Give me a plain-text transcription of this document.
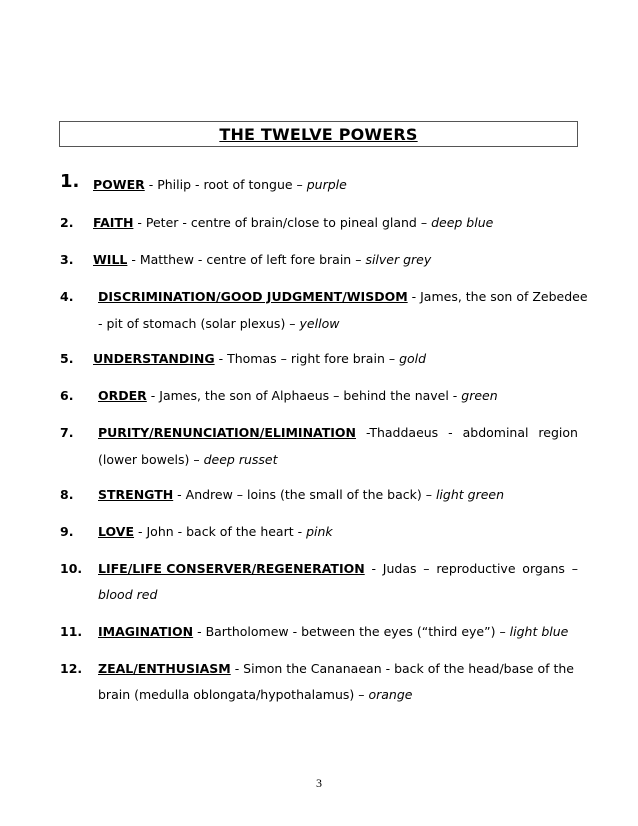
THE TWELVE POWERS
1. POWER - Philip - root of tongue – purple
2. FAITH - Peter - centre of brain/close to pineal gland – deep blue
3. WILL - Matthew - centre of left fore brain – silver grey
4. DISCRIMINATION/GOOD JUDGMENT/WISDOM - James, the son of Zebedee
- pit of stomach (solar plexus) – yellow
5. UNDERSTANDING - Thomas – right fore brain – gold
6. ORDER - James, the son of Alphaeus – behind the navel - green
7. PURITY/RENUNCIATION/ELIMINATION -Thaddaeus - abdominal region
(lower bowels) – deep russet
8. STRENGTH - Andrew – loins (the small of the back) – light green
9. LOVE - John - back of the heart - pink
10. LIFE/LIFE CONSERVER/REGENERATION - Judas – reproductive organs –
blood red
11. IMAGINATION - Bartholomew - between the eyes (“third eye”) – light blue
12. ZEAL/ENTHUSIASM - Simon the Cananaean - back of the head/base of the
brain (medulla oblongata/hypothalamus) – orange
3
